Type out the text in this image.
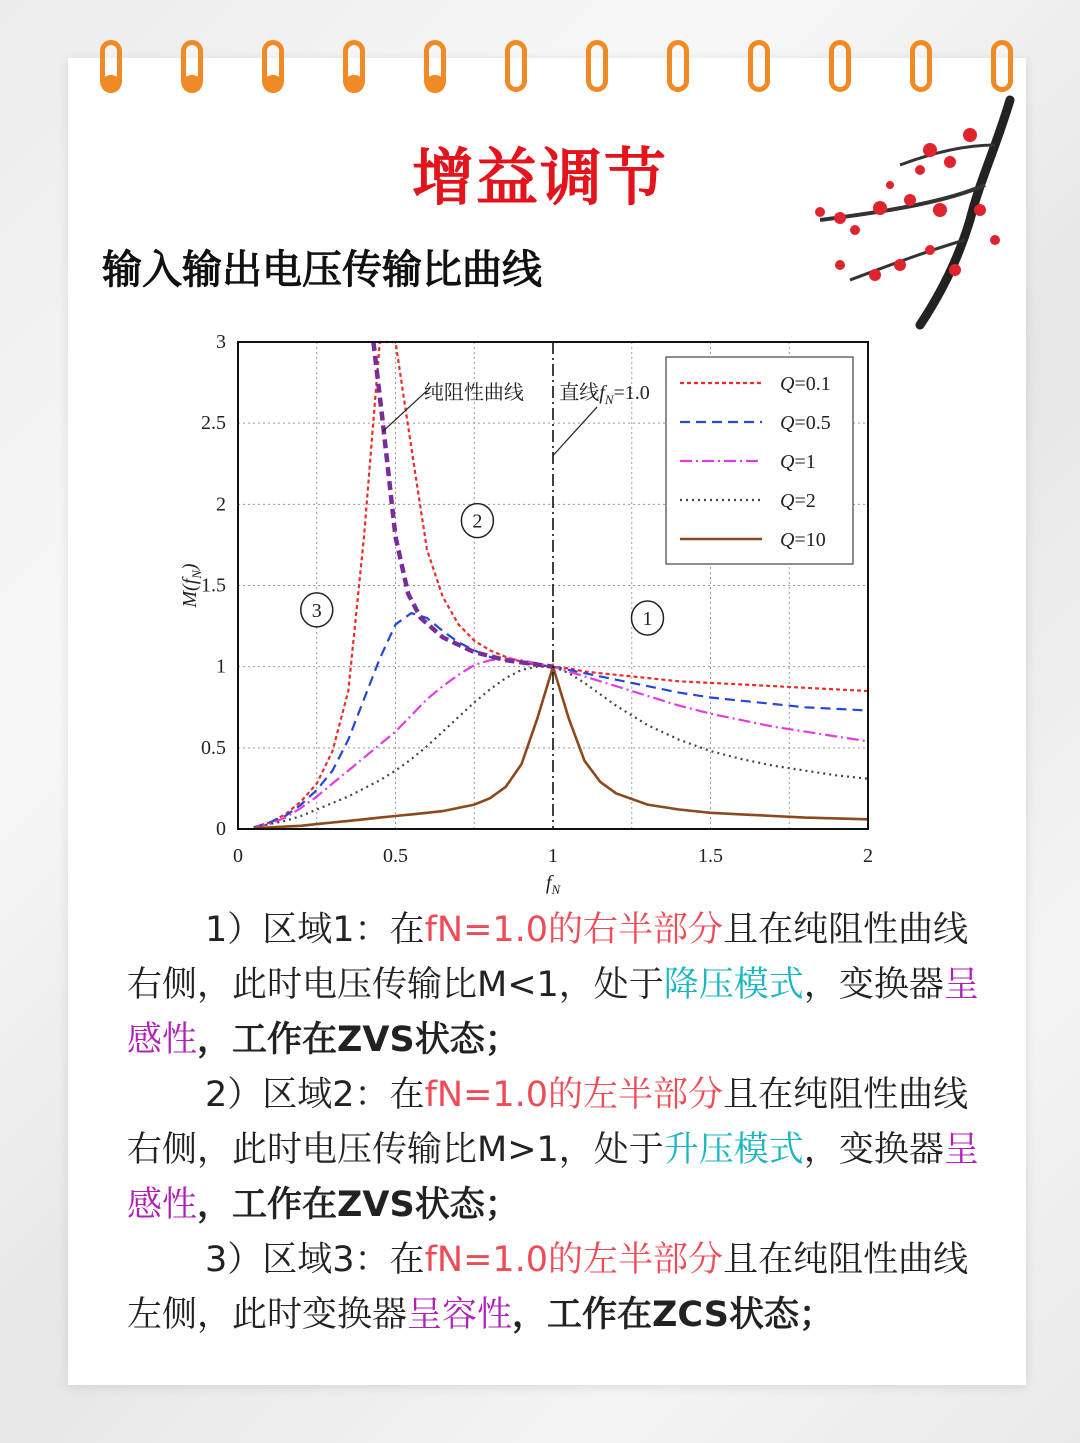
增益调节
输入输出电压传输比曲线
0	0.5	1	1.5	2
0
0.5
1
1.5
2
2.5
3
$f_N$
$M(f_N)$
纯阻性曲线 直线$f_N=1.0$
1
2
3
Q=0.1
Q=0.5
Q=1
Q=2
Q=10
1）区域1：在fN=1.0的右半部分且在纯阻性曲线右侧，此时电压传输比M<1，处于降压模式，变换器呈感性，工作在ZVS状态；
2）区域2：在fN=1.0的左半部分且在纯阻性曲线右侧，此时电压传输比M>1，处于升压模式，变换器呈感性，工作在ZVS状态；
3）区域3：在fN=1.0的左半部分且在纯阻性曲线左侧，此时变换器呈容性，工作在ZCS状态；
